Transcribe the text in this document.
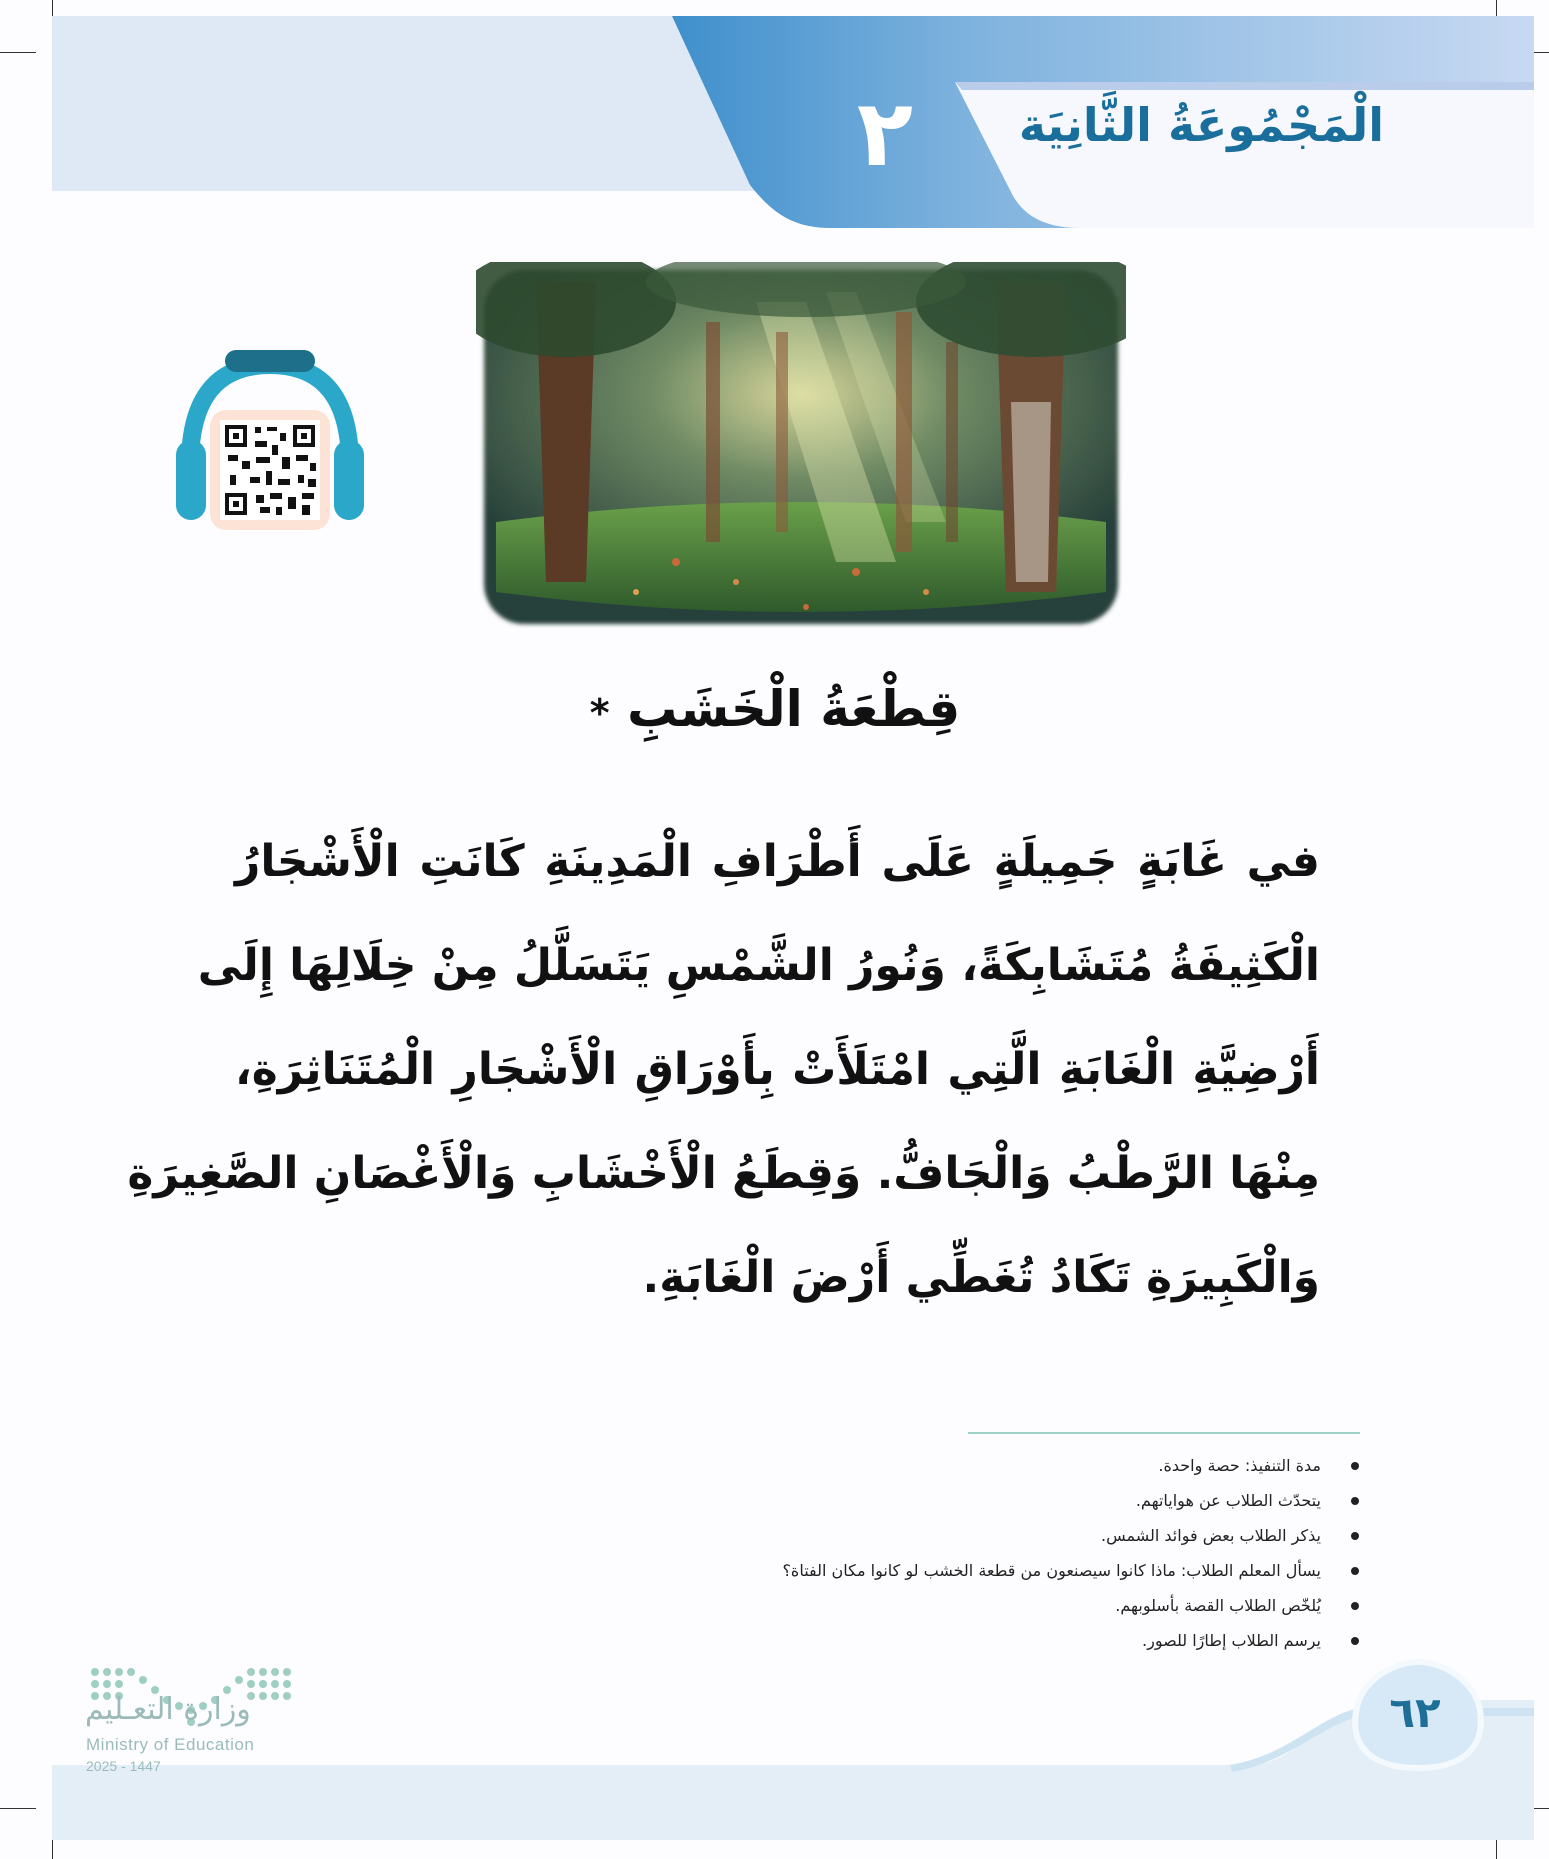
الْمَجْمُوعَةُ الثَّانِيَة
٢
قِطْعَةُ الْخَشَبِ *
في غَابَةٍ جَمِيلَةٍ عَلَى أَطْرَافِ الْمَدِينَةِ كَانَتِ الْأَشْجَارُ
الْكَثِيفَةُ مُتَشَابِكَةً، وَنُورُ الشَّمْسِ يَتَسَلَّلُ مِنْ خِلَالِهَا إِلَى
أَرْضِيَّةِ الْغَابَةِ الَّتِي امْتَلَأَتْ بِأَوْرَاقِ الْأَشْجَارِ الْمُتَنَاثِرَةِ،
مِنْهَا الرَّطْبُ وَالْجَافُّ. وَقِطَعُ الْأَخْشَابِ وَالْأَغْصَانِ الصَّغِيرَةِ
وَالْكَبِيرَةِ تَكَادُ تُغَطِّي أَرْضَ الْغَابَةِ.
مدة التنفيذ: حصة واحدة.
يتحدّث الطلاب عن هواياتهم.
يذكر الطلاب بعض فوائد الشمس.
يسأل المعلم الطلاب: ماذا كانوا سيصنعون من قطعة الخشب لو كانوا مكان الفتاة؟
يُلخّص الطلاب القصة بأسلوبهم.
يرسم الطلاب إطارًا للصور.
٦٢
وزارة التعـليم
Ministry of Education
2025 - 1447
